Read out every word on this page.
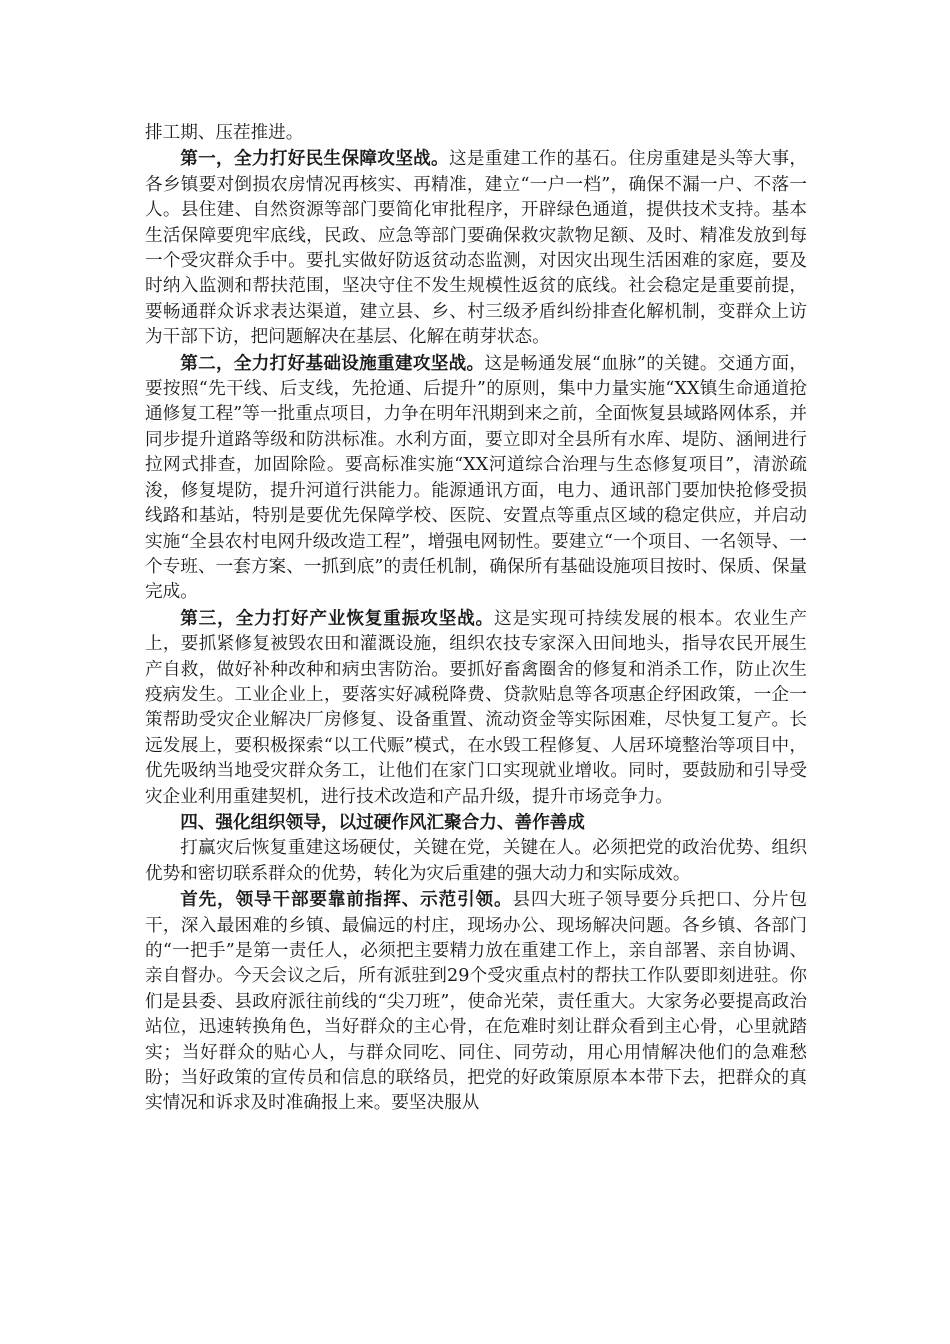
排工期、压茬推进。

第一，全力打好民生保障攻坚战。这是重建工作的基石。住房重建是头等大事，各乡镇要对倒损农房情况再核实、再精准，建立“一户一档”，确保不漏一户、不落一人。县住建、自然资源等部门要简化审批程序，开辟绿色通道，提供技术支持。基本生活保障要兜牢底线，民政、应急等部门要确保救灾款物足额、及时、精准发放到每一个受灾群众手中。要扎实做好防返贫动态监测，对因灾出现生活困难的家庭，要及时纳入监测和帮扶范围，坚决守住不发生规模性返贫的底线。社会稳定是重要前提，要畅通群众诉求表达渠道，建立县、乡、村三级矛盾纠纷排查化解机制，变群众上访为干部下访，把问题解决在基层、化解在萌芽状态。

第二，全力打好基础设施重建攻坚战。这是畅通发展“血脉”的关键。交通方面，要按照“先干线、后支线，先抢通、后提升”的原则，集中力量实施“XX镇生命通道抢通修复工程”等一批重点项目，力争在明年汛期到来之前，全面恢复县域路网体系，并同步提升道路等级和防洪标准。水利方面，要立即对全县所有水库、堤防、涵闸进行拉网式排查，加固除险。要高标准实施“XX河道综合治理与生态修复项目”，清淤疏浚，修复堤防，提升河道行洪能力。能源通讯方面，电力、通讯部门要加快抢修受损线路和基站，特别是要优先保障学校、医院、安置点等重点区域的稳定供应，并启动实施“全县农村电网升级改造工程”，增强电网韧性。要建立“一个项目、一名领导、一个专班、一套方案、一抓到底”的责任机制，确保所有基础设施项目按时、保质、保量完成。

第三，全力打好产业恢复重振攻坚战。这是实现可持续发展的根本。农业生产上，要抓紧修复被毁农田和灌溉设施，组织农技专家深入田间地头，指导农民开展生产自救，做好补种改种和病虫害防治。要抓好畜禽圈舍的修复和消杀工作，防止次生疫病发生。工业企业上，要落实好减税降费、贷款贴息等各项惠企纾困政策，一企一策帮助受灾企业解决厂房修复、设备重置、流动资金等实际困难，尽快复工复产。长远发展上，要积极探索“以工代赈”模式，在水毁工程修复、人居环境整治等项目中，优先吸纳当地受灾群众务工，让他们在家门口实现就业增收。同时，要鼓励和引导受灾企业利用重建契机，进行技术改造和产品升级，提升市场竞争力。

四、强化组织领导，以过硬作风汇聚合力、善作善成

打赢灾后恢复重建这场硬仗，关键在党，关键在人。必须把党的政治优势、组织优势和密切联系群众的优势，转化为灾后重建的强大动力和实际成效。

首先，领导干部要靠前指挥、示范引领。县四大班子领导要分兵把口、分片包干，深入最困难的乡镇、最偏远的村庄，现场办公、现场解决问题。各乡镇、各部门的“一把手”是第一责任人，必须把主要精力放在重建工作上，亲自部署、亲自协调、亲自督办。今天会议之后，所有派驻到29个受灾重点村的帮扶工作队要即刻进驻。你们是县委、县政府派往前线的“尖刀班”，使命光荣，责任重大。大家务必要提高政治站位，迅速转换角色，当好群众的主心骨，在危难时刻让群众看到主心骨，心里就踏实；当好群众的贴心人，与群众同吃、同住、同劳动，用心用情解决他们的急难愁盼；当好政策的宣传员和信息的联络员，把党的好政策原原本本带下去，把群众的真实情况和诉求及时准确报上来。要坚决服从
